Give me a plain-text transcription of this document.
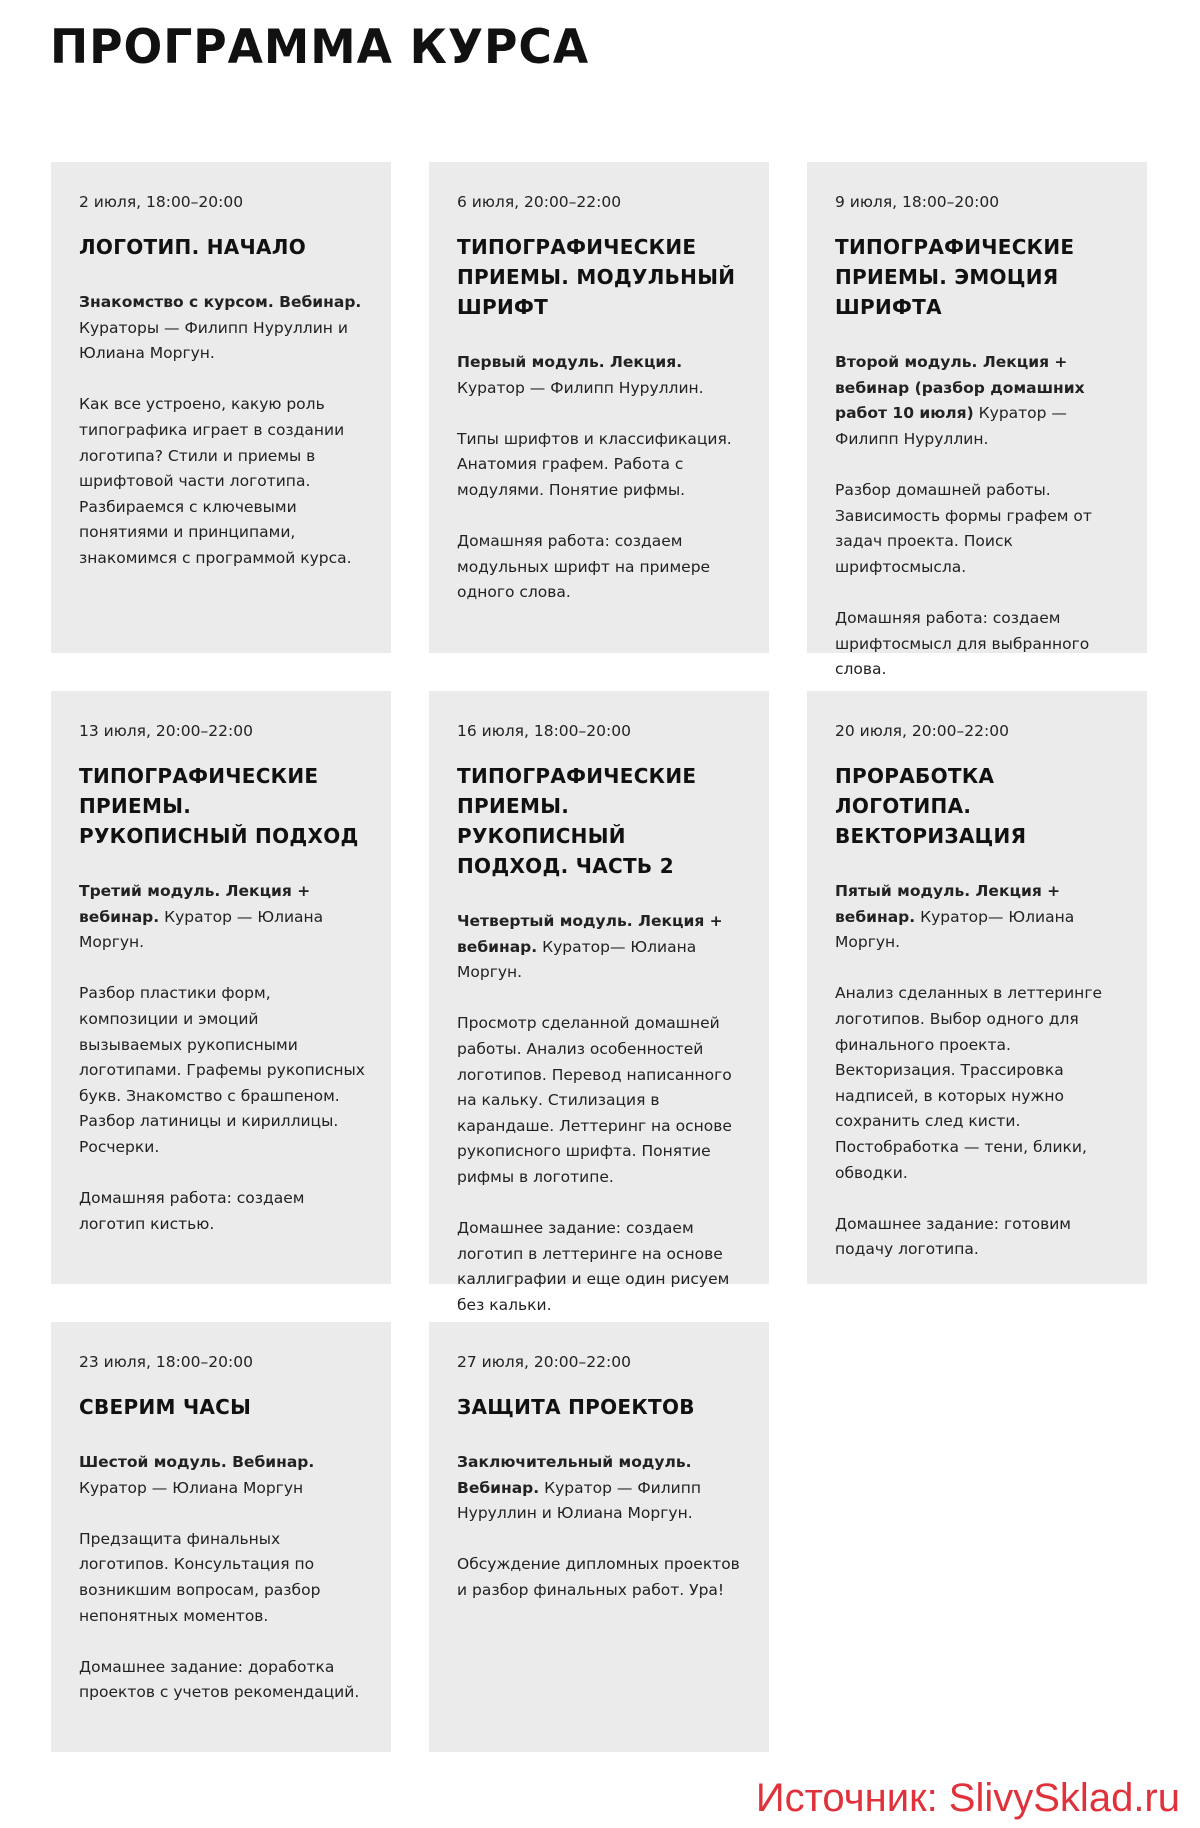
ПРОГРАММА КУРСА
2 июля, 18:00–20:00
ЛОГОТИП. НАЧАЛО
Знакомство с курсом. Вебинар. Кураторы — Филипп Нуруллин и Юлиана Моргун.
Как все устроено, какую роль типографика играет в создании логотипа? Стили и приемы в шрифтовой части логотипа. Разбираемся с ключевыми понятиями и принципами, знакомимся с программой курса.
6 июля, 20:00–22:00
ТИПОГРАФИЧЕСКИЕ ПРИЕМЫ. МОДУЛЬНЫЙ ШРИФТ
Первый модуль. Лекция. Куратор — Филипп Нуруллин.
Типы шрифтов и классификация. Анатомия графем. Работа с модулями. Понятие рифмы.
Домашняя работа: создаем модульных шрифт на примере одного слова.
9 июля, 18:00–20:00
ТИПОГРАФИЧЕСКИЕ ПРИЕМЫ. ЭМОЦИЯ ШРИФТА
Второй модуль. Лекция + вебинар (разбор домашних работ 10 июля) Куратор — Филипп Нуруллин.
Разбор домашней работы. Зависимость формы графем от задач проекта. Поиск шрифтосмысла.
Домашняя работа: создаем шрифтосмысл для выбранного слова.
13 июля, 20:00–22:00
ТИПОГРАФИЧЕСКИЕ ПРИЕМЫ. РУКОПИСНЫЙ ПОДХОД
Третий модуль. Лекция + вебинар. Куратор — Юлиана Моргун.
Разбор пластики форм, композиции и эмоций вызываемых рукописными логотипами. Графемы рукописных букв. Знакомство с брашпеном. Разбор латиницы и кириллицы. Росчерки.
Домашняя работа: создаем логотип кистью.
16 июля, 18:00–20:00
ТИПОГРАФИЧЕСКИЕ ПРИЕМЫ. РУКОПИСНЫЙ ПОДХОД. ЧАСТЬ 2
Четвертый модуль. Лекция + вебинар. Куратор— Юлиана Моргун.
Просмотр сделанной домашней работы. Анализ особенностей логотипов. Перевод написанного на кальку. Стилизация в карандаше. Леттеринг на основе рукописного шрифта. Понятие рифмы в логотипе.
Домашнее задание: создаем логотип в леттеринге на основе каллиграфии и еще один рисуем без кальки.
20 июля, 20:00–22:00
ПРОРАБОТКА ЛОГОТИПА. ВЕКТОРИЗАЦИЯ
Пятый модуль. Лекция + вебинар. Куратор— Юлиана Моргун.
Анализ сделанных в леттеринге логотипов. Выбор одного для финального проекта. Векторизация. Трассировка надписей, в которых нужно сохранить след кисти. Постобработка — тени, блики, обводки.
Домашнее задание: готовим подачу логотипа.
23 июля, 18:00–20:00
СВЕРИМ ЧАСЫ
Шестой модуль. Вебинар. Куратор — Юлиана Моргун
Предзащита финальных логотипов. Консультация по возникшим вопросам, разбор непонятных моментов.
Домашнее задание: доработка проектов с учетов рекомендаций.
27 июля, 20:00–22:00
ЗАЩИТА ПРОЕКТОВ
Заключительный модуль. Вебинар. Куратор — Филипп Нуруллин и Юлиана Моргун.
Обсуждение дипломных проектов и разбор финальных работ. Ура!
Источник: SlivySklad.ru
